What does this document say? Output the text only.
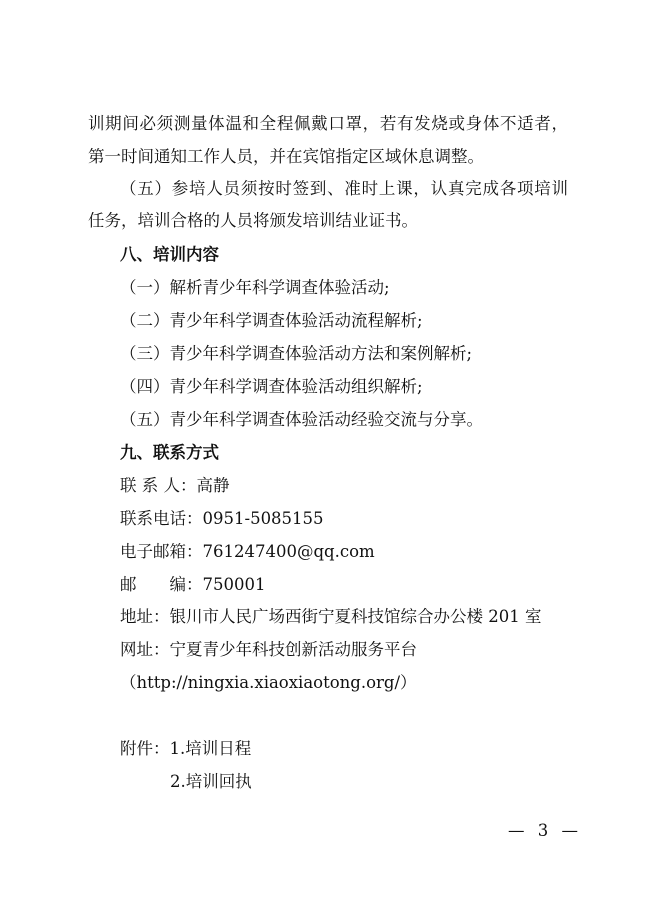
训期间必须测量体温和全程佩戴口罩，若有发烧或身体不适者，
第一时间通知工作人员，并在宾馆指定区域休息调整。
（五）参培人员须按时签到、准时上课，认真完成各项培训
任务，培训合格的人员将颁发培训结业证书。
八、培训内容
（一）解析青少年科学调查体验活动;
（二）青少年科学调查体验活动流程解析;
（三）青少年科学调查体验活动方法和案例解析;
（四）青少年科学调查体验活动组织解析;
（五）青少年科学调查体验活动经验交流与分享。
九、联系方式
联 系 人：高静
联系电话：0951-5085155
电子邮箱：761247400@qq.com
邮　　编：750001
地址：银川市人民广场西街宁夏科技馆综合办公楼 201 室
网址：宁夏青少年科技创新活动服务平台
（http://ningxia.xiaoxiaotong.org/）
附件：1.培训日程
2.培训回执
— 3 —
